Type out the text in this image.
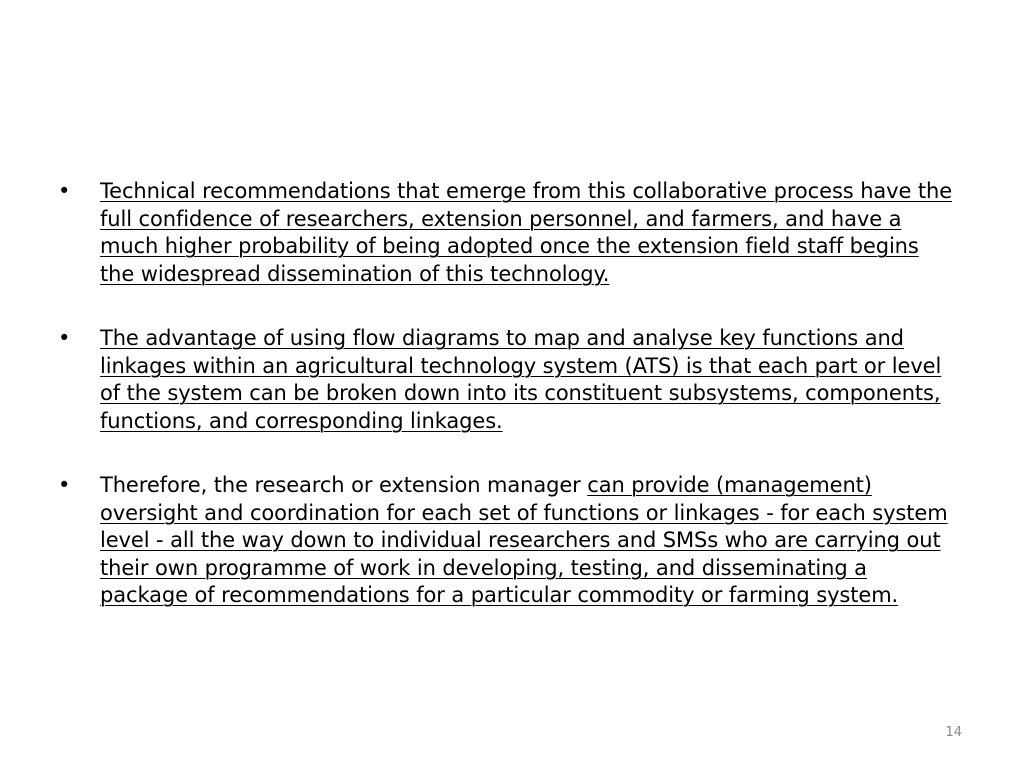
• Technical recommendations that emerge from this collaborative process have the full confidence of researchers, extension personnel, and farmers, and have a much higher probability of being adopted once the extension field staff begins the widespread dissemination of this technology.
• The advantage of using flow diagrams to map and analyse key functions and linkages within an agricultural technology system (ATS) is that each part or level of the system can be broken down into its constituent subsystems, components, functions, and corresponding linkages.
• Therefore, the research or extension manager can provide (management) oversight and coordination for each set of functions or linkages - for each system level - all the way down to individual researchers and SMSs who are carrying out their own programme of work in developing, testing, and disseminating a package of recommendations for a particular commodity or farming system.
14
